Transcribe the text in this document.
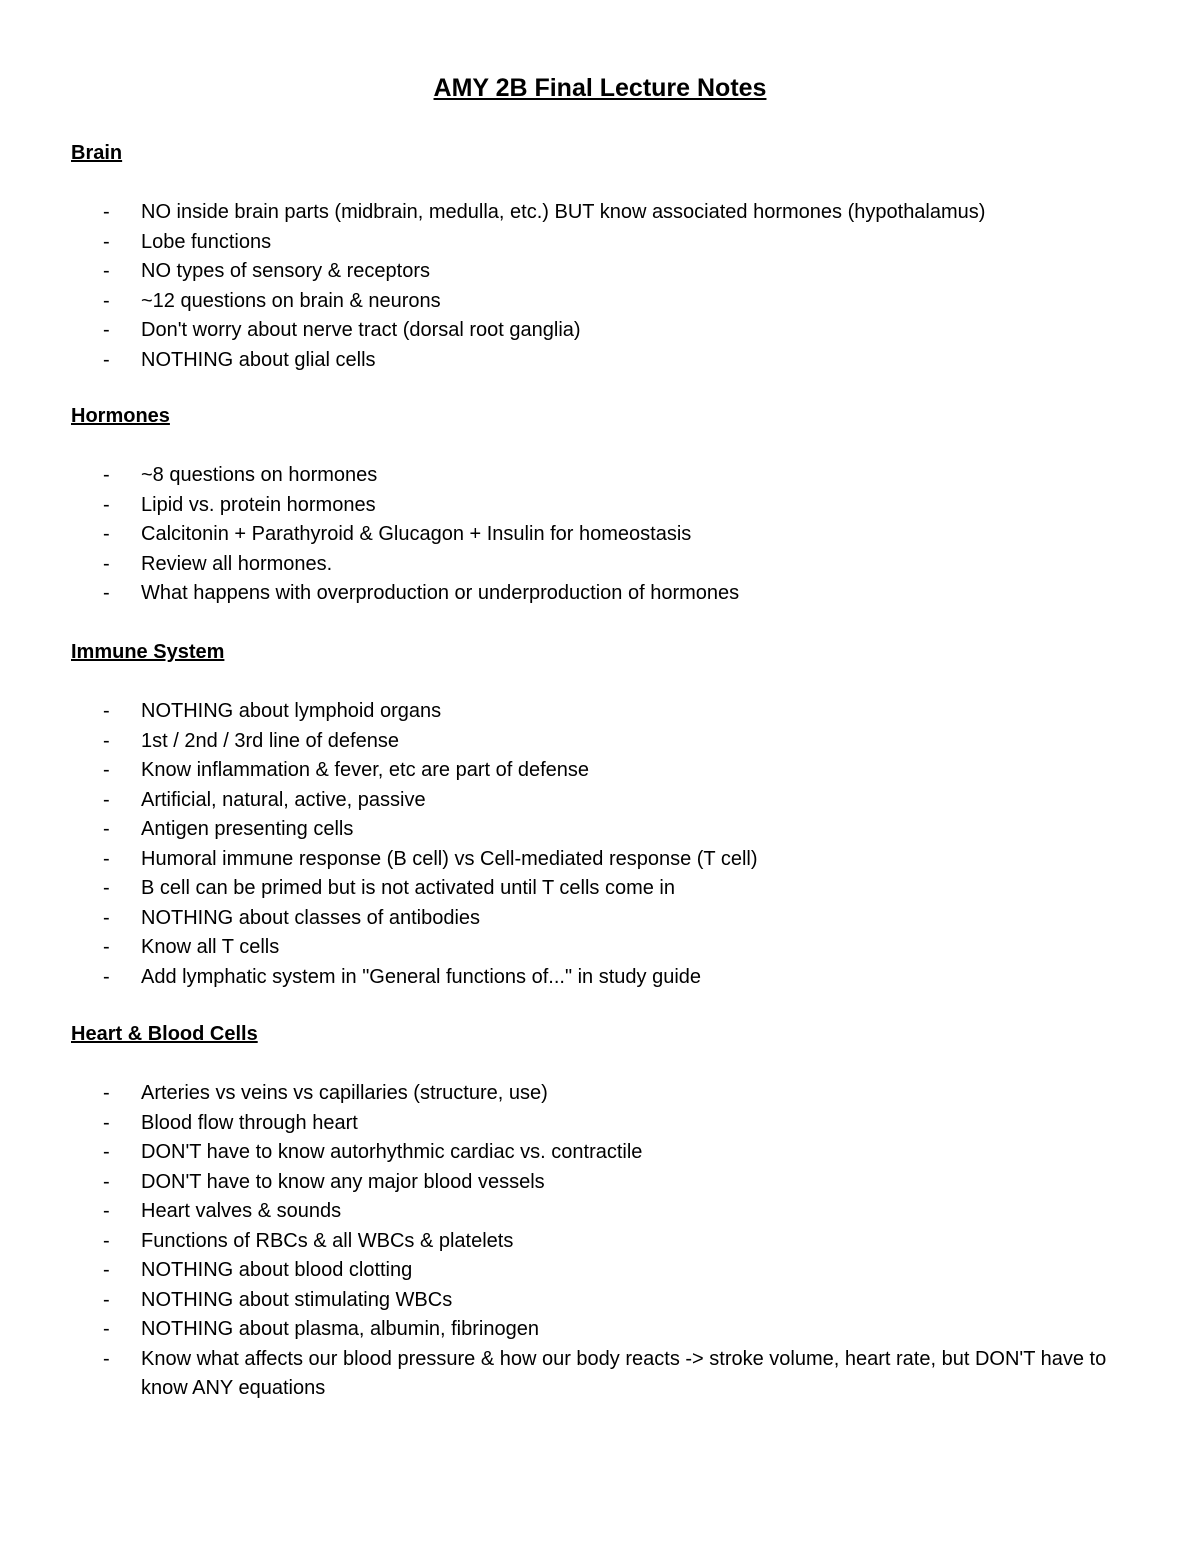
AMY 2B Final Lecture Notes
Brain
- NO inside brain parts (midbrain, medulla, etc.) BUT know associated hormones (hypothalamus)
- Lobe functions
- NO types of sensory & receptors
- ~12 questions on brain & neurons
- Don't worry about nerve tract (dorsal root ganglia)
- NOTHING about glial cells
Hormones
- ~8 questions on hormones
- Lipid vs. protein hormones
- Calcitonin + Parathyroid & Glucagon + Insulin for homeostasis
- Review all hormones.
- What happens with overproduction or underproduction of hormones
Immune System
- NOTHING about lymphoid organs
- 1st / 2nd / 3rd line of defense
- Know inflammation & fever, etc are part of defense
- Artificial, natural, active, passive
- Antigen presenting cells
- Humoral immune response (B cell) vs Cell-mediated response (T cell)
- B cell can be primed but is not activated until T cells come in
- NOTHING about classes of antibodies
- Know all T cells
- Add lymphatic system in "General functions of..." in study guide
Heart & Blood Cells
- Arteries vs veins vs capillaries (structure, use)
- Blood flow through heart
- DON'T have to know autorhythmic cardiac vs. contractile
- DON'T have to know any major blood vessels
- Heart valves & sounds
- Functions of RBCs & all WBCs & platelets
- NOTHING about blood clotting
- NOTHING about stimulating WBCs
- NOTHING about plasma, albumin, fibrinogen
- Know what affects our blood pressure & how our body reacts -> stroke volume, heart rate, but DON'T have to know ANY equations
